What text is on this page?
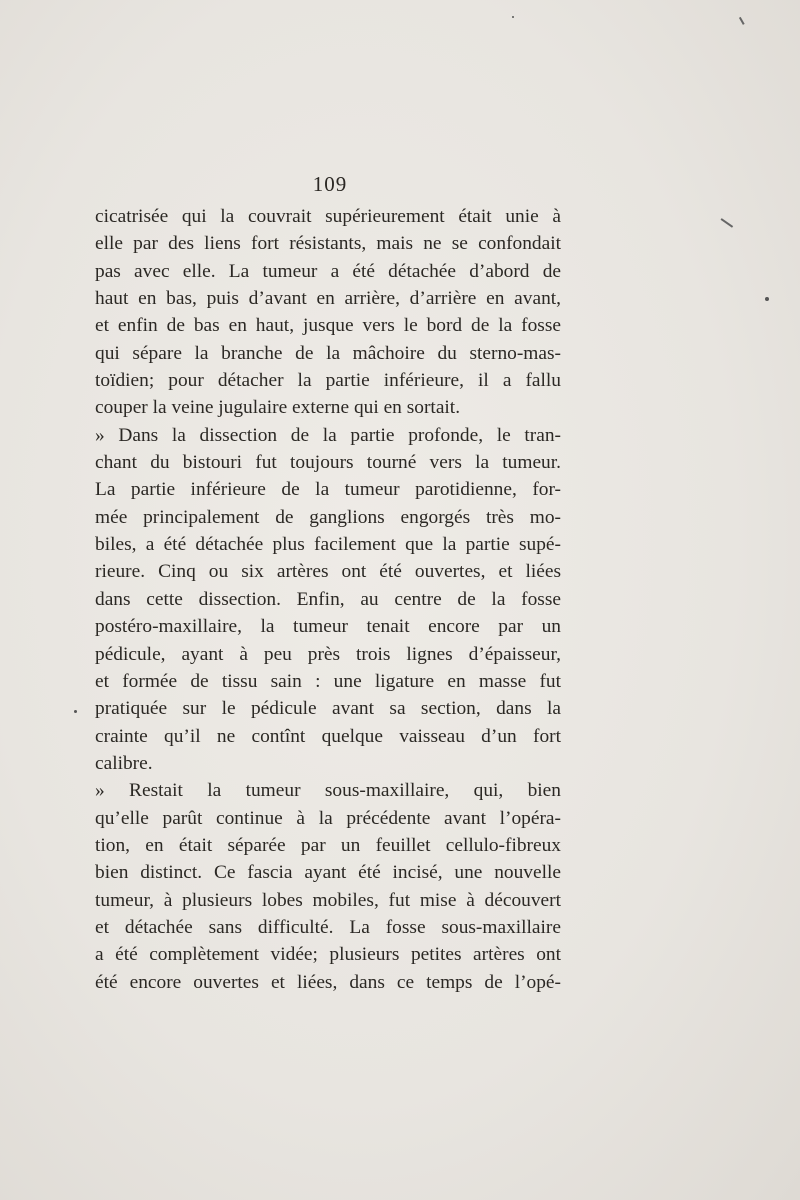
109
cicatrisée qui la couvrait supérieurement était unie à
elle par des liens fort résistants, mais ne se confondait
pas avec elle. La tumeur a été détachée d’abord de
haut en bas, puis d’avant en arrière, d’arrière en avant,
et enfin de bas en haut, jusque vers le bord de la fosse
qui sépare la branche de la mâchoire du sterno-mas-
toïdien; pour détacher la partie inférieure, il a fallu
couper la veine jugulaire externe qui en sortait.
» Dans la dissection de la partie profonde, le tran-
chant du bistouri fut toujours tourné vers la tumeur.
La partie inférieure de la tumeur parotidienne, for-
mée principalement de ganglions engorgés très mo-
biles, a été détachée plus facilement que la partie supé-
rieure. Cinq ou six artères ont été ouvertes, et liées
dans cette dissection. Enfin, au centre de la fosse
postéro-maxillaire, la tumeur tenait encore par un
pédicule, ayant à peu près trois lignes d’épaisseur,
et formée de tissu sain : une ligature en masse fut
pratiquée sur le pédicule avant sa section, dans la
crainte qu’il ne contînt quelque vaisseau d’un fort
calibre.
» Restait la tumeur sous-maxillaire, qui, bien
qu’elle parût continue à la précédente avant l’opéra-
tion, en était séparée par un feuillet cellulo-fibreux
bien distinct. Ce fascia ayant été incisé, une nouvelle
tumeur, à plusieurs lobes mobiles, fut mise à découvert
et détachée sans difficulté. La fosse sous-maxillaire
a été complètement vidée; plusieurs petites artères ont
été encore ouvertes et liées, dans ce temps de l’opé-
